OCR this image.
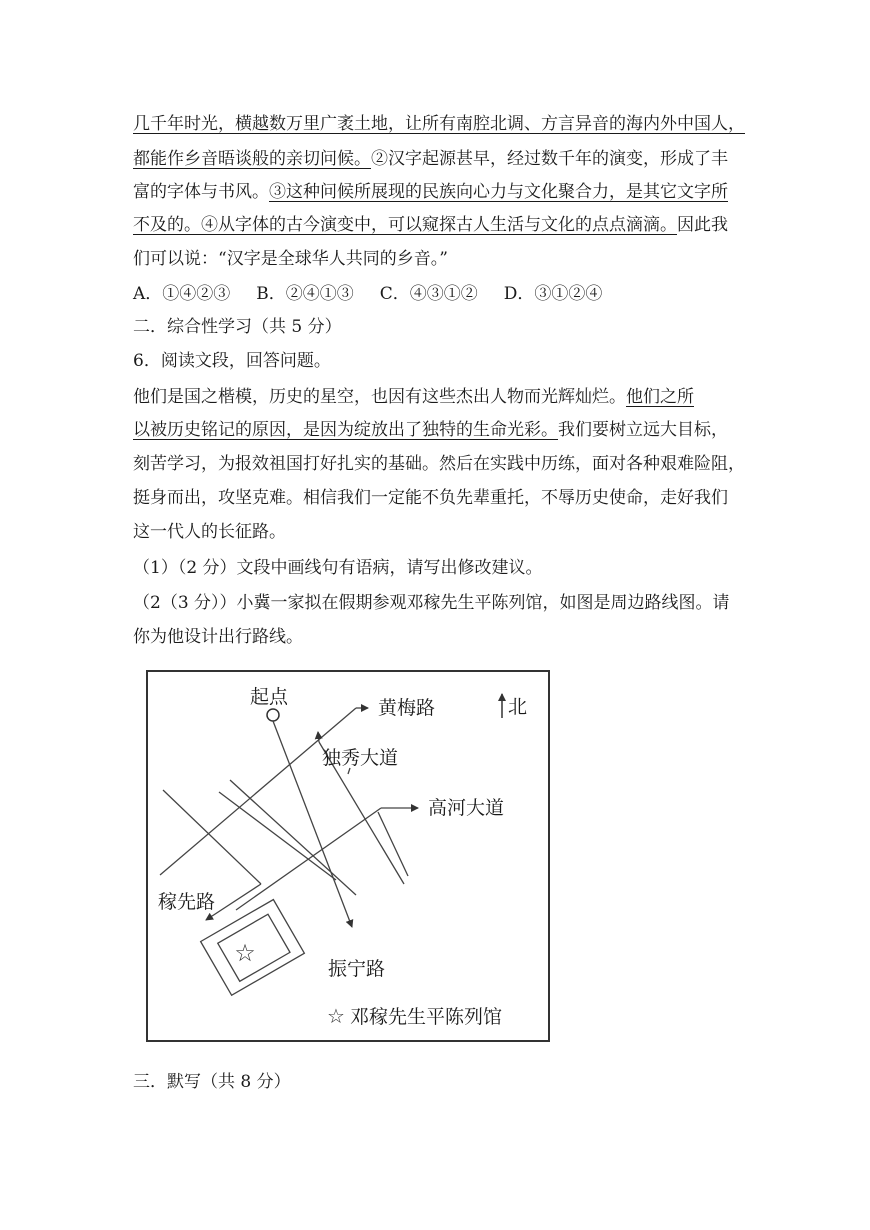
几千年时光，横越数万里广袤土地，让所有南腔北调、方言异音的海内外中国人，
都能作乡音晤谈般的亲切问候。②汉字起源甚早，经过数千年的演变，形成了丰
富的字体与书风。③这种问候所展现的民族向心力与文化聚合力，是其它文字所
不及的。④从字体的古今演变中，可以窥探古人生活与文化的点点滴滴。因此我
们可以说：“汉字是全球华人共同的乡音。”
A．①④②③ B．②④①③ C．④③①② D．③①②④
二．综合性学习（共 5 分）
6．阅读文段，回答问题。
他们是国之楷模，历史的星空，也因有这些杰出人物而光辉灿烂。他们之所
以被历史铭记的原因，是因为绽放出了独特的生命光彩。我们要树立远大目标，
刻苦学习，为报效祖国打好扎实的基础。然后在实践中历练，面对各种艰难险阻，
挺身而出，攻坚克难。相信我们一定能不负先辈重托，不辱历史使命，走好我们
这一代人的长征路。
（1）（2 分）文段中画线句有语病，请写出修改建议。
（2（3 分））小冀一家拟在假期参观邓稼先生平陈列馆，如图是周边路线图。请
你为他设计出行路线。
起点	北
黄梅路
独秀大道
高河大道
稼先路
振宁路
☆
☆ 邓稼先生平陈列馆
三．默写（共 8 分）
